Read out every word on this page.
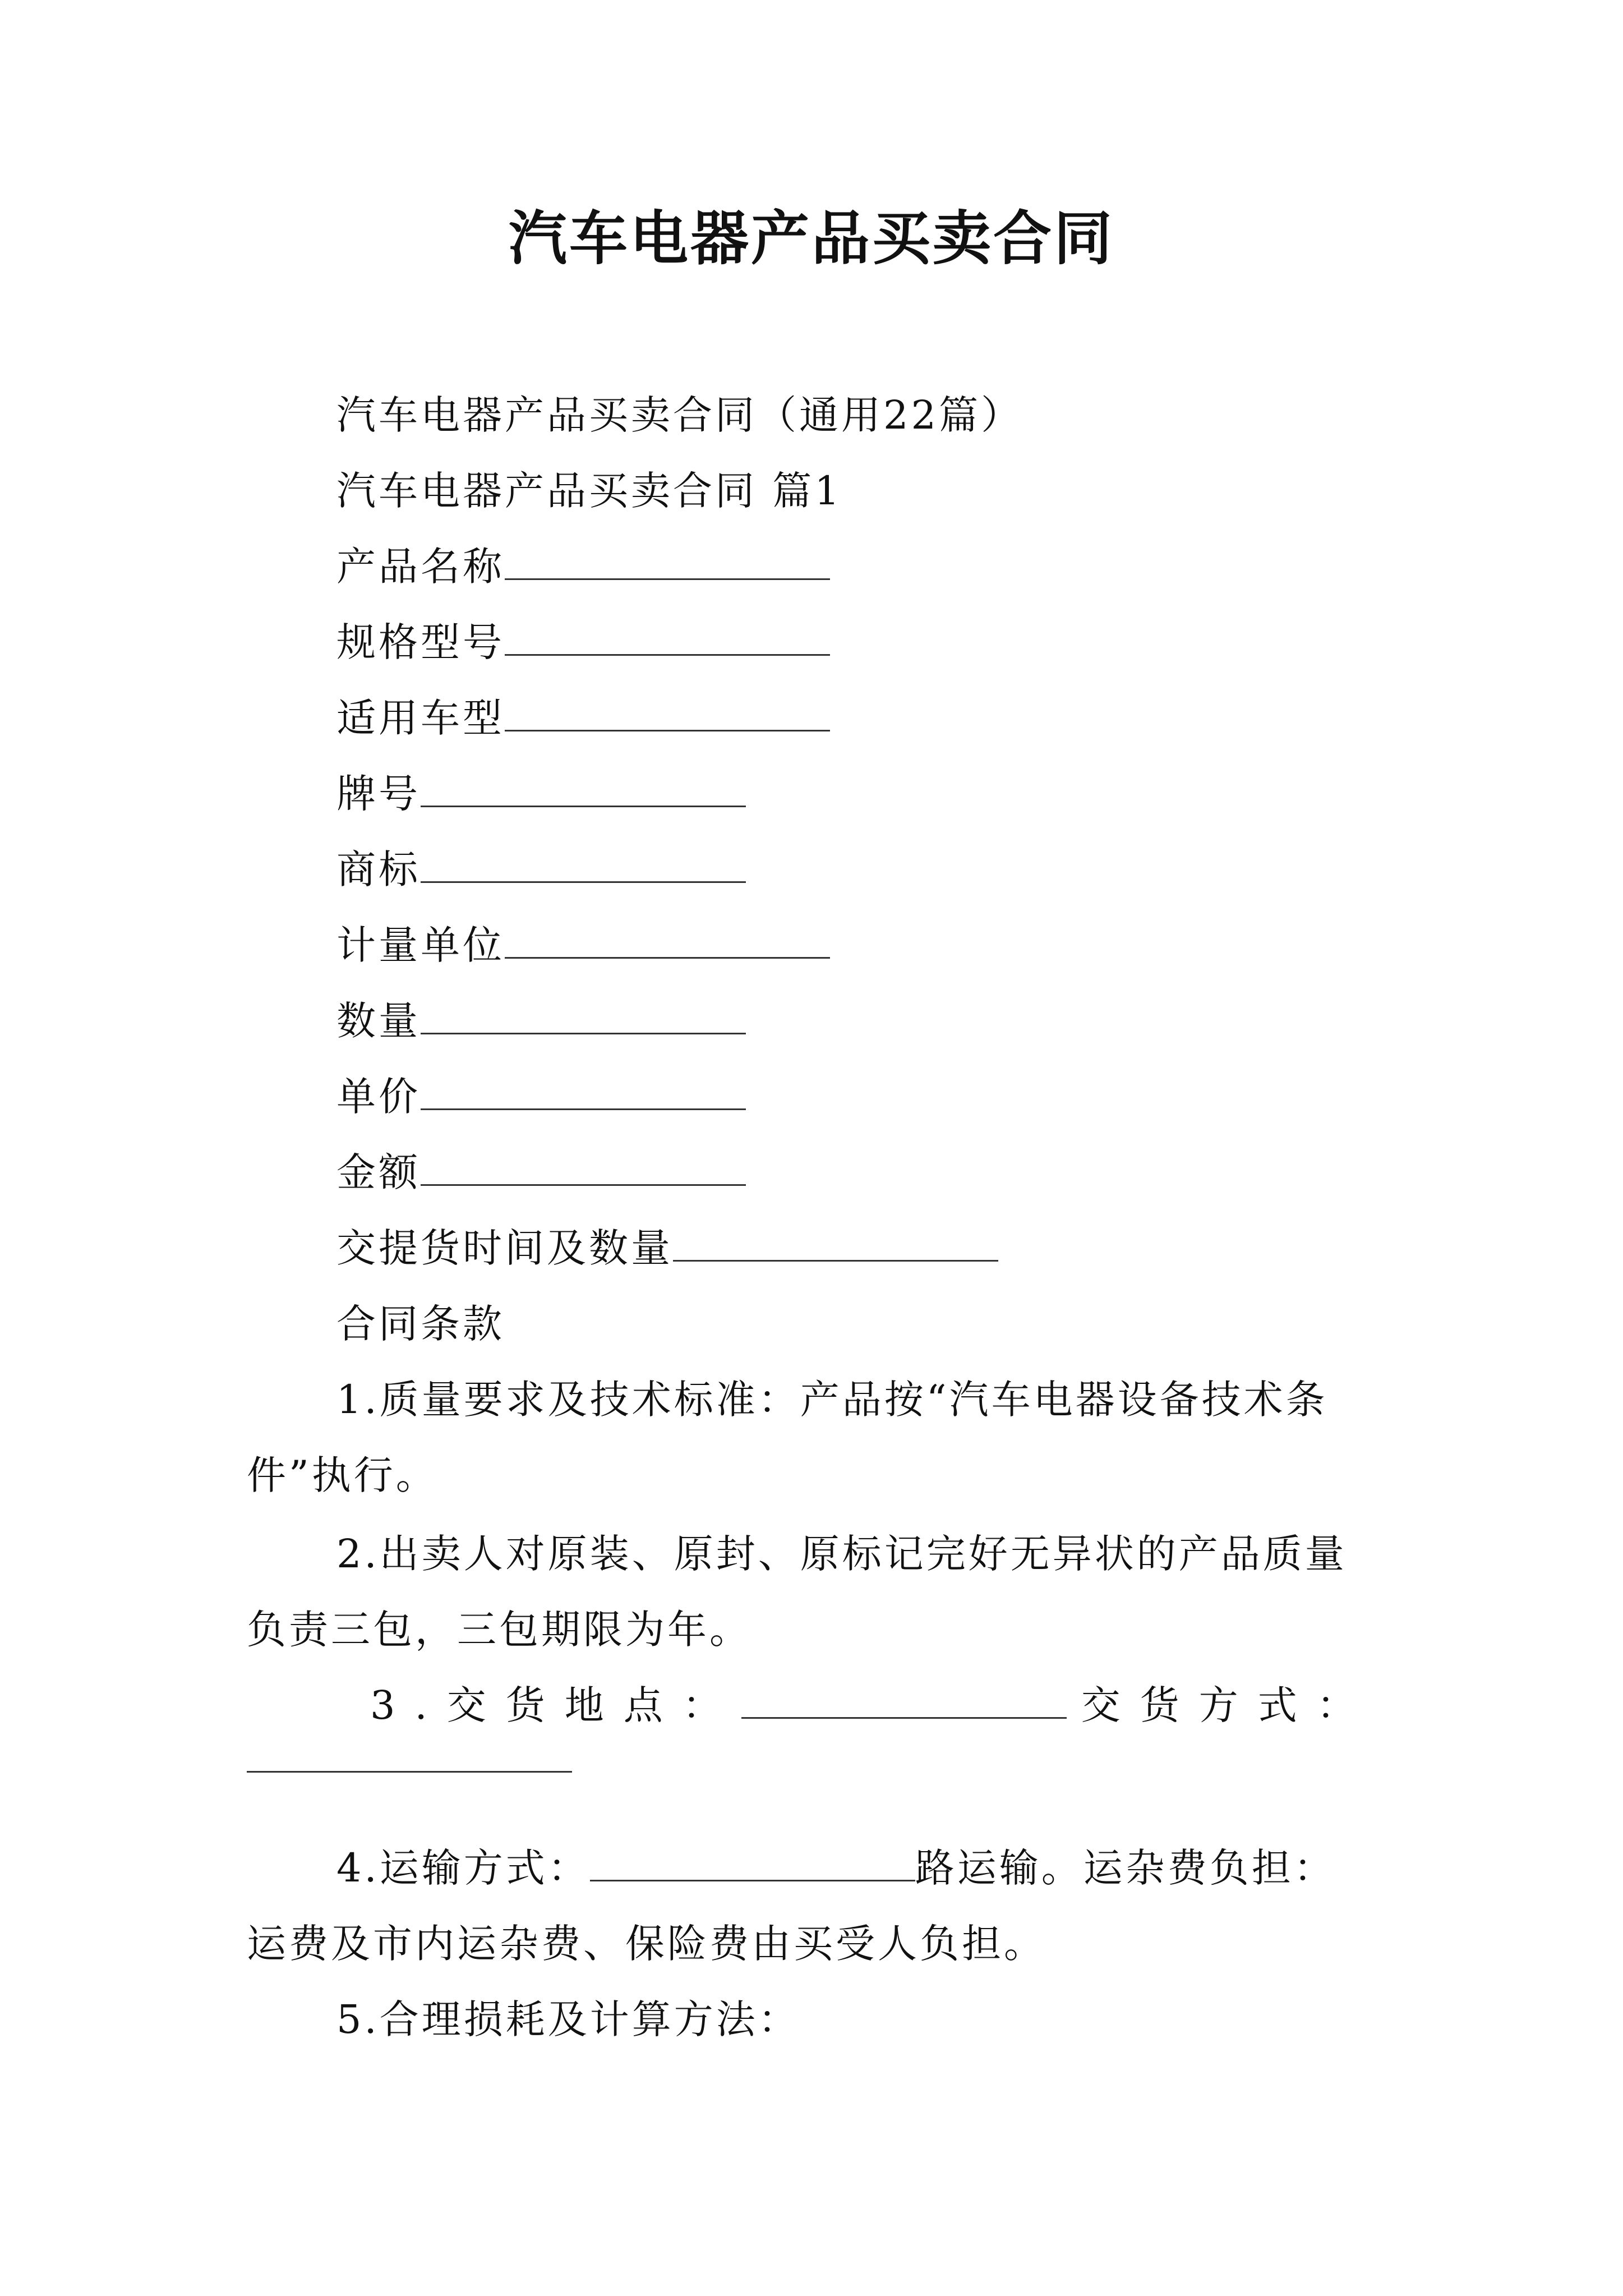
汽车电器产品买卖合同
汽车电器产品买卖合同（通用22篇）
汽车电器产品买卖合同 篇1
产品名称
规格型号
适用车型
牌号
商标
计量单位
数量
单价
金额
交提货时间及数量
合同条款
1.质量要求及技术标准：产品按“汽车电器设备技术条
件”执行。
2.出卖人对原装、原封、原标记完好无异状的产品质量
负责三包，三包期限为年。
3.交货地点：	交货方式：
4.运输方式：	路运输。运杂费负担：
运费及市内运杂费、保险费由买受人负担。
5.合理损耗及计算方法：
